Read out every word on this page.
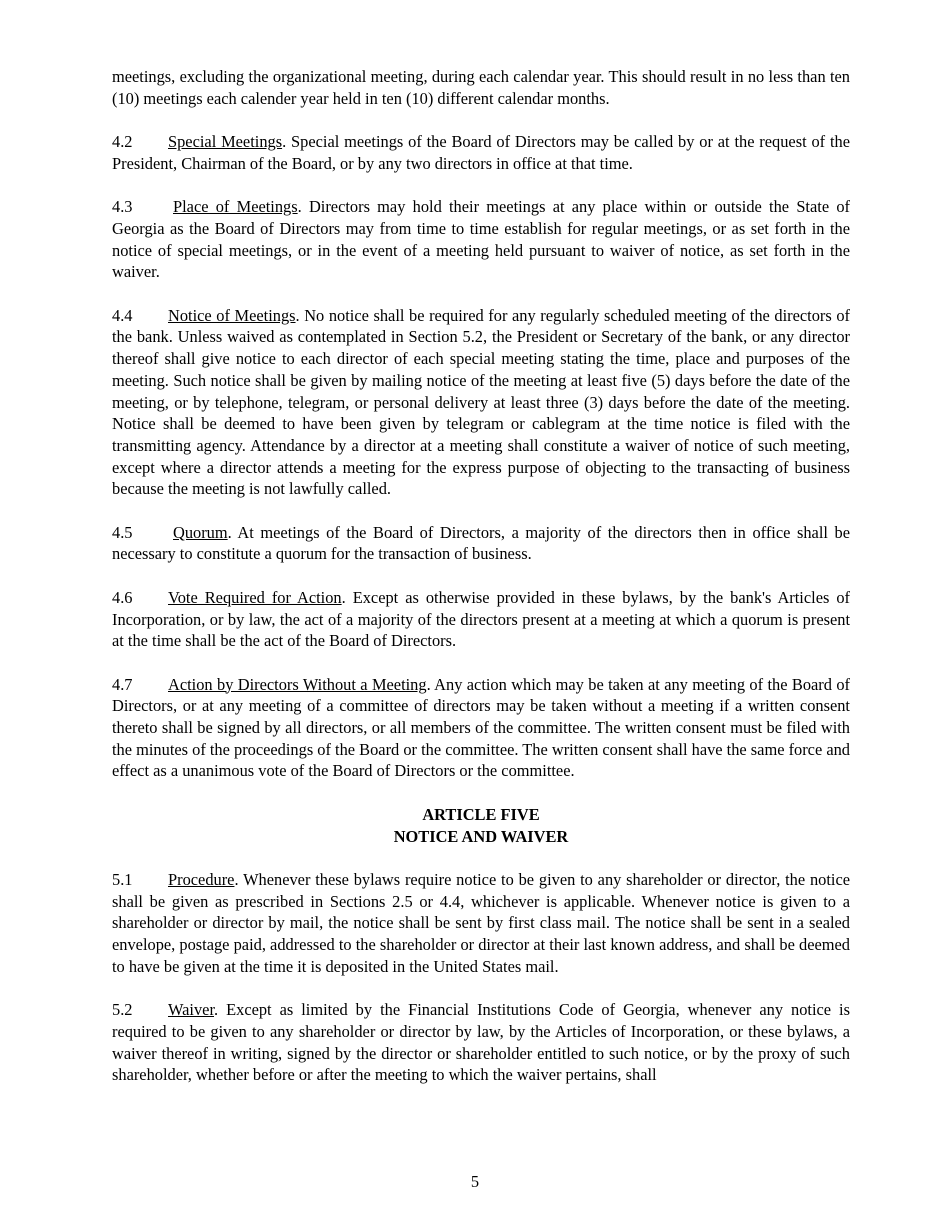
meetings, excluding the organizational meeting, during each calendar year. This should result in no less than ten (10) meetings each calender year held in ten (10) different calendar months.

4.2 Special Meetings. Special meetings of the Board of Directors may be called by or at the request of the President, Chairman of the Board, or by any two directors in office at that time.

4.3 Place of Meetings. Directors may hold their meetings at any place within or outside the State of Georgia as the Board of Directors may from time to time establish for regular meetings, or as set forth in the notice of special meetings, or in the event of a meeting held pursuant to waiver of notice, as set forth in the waiver.

4.4 Notice of Meetings. No notice shall be required for any regularly scheduled meeting of the directors of the bank. Unless waived as contemplated in Section 5.2, the President or Secretary of the bank, or any director thereof shall give notice to each director of each special meeting stating the time, place and purposes of the meeting. Such notice shall be given by mailing notice of the meeting at least five (5) days before the date of the meeting, or by telephone, telegram, or personal delivery at least three (3) days before the date of the meeting. Notice shall be deemed to have been given by telegram or cablegram at the time notice is filed with the transmitting agency. Attendance by a director at a meeting shall constitute a waiver of notice of such meeting, except where a director attends a meeting for the express purpose of objecting to the transacting of business because the meeting is not lawfully called.

4.5 Quorum. At meetings of the Board of Directors, a majority of the directors then in office shall be necessary to constitute a quorum for the transaction of business.

4.6 Vote Required for Action. Except as otherwise provided in these bylaws, by the bank's Articles of Incorporation, or by law, the act of a majority of the directors present at a meeting at which a quorum is present at the time shall be the act of the Board of Directors.

4.7 Action by Directors Without a Meeting. Any action which may be taken at any meeting of the Board of Directors, or at any meeting of a committee of directors may be taken without a meeting if a written consent thereto shall be signed by all directors, or all members of the committee. The written consent must be filed with the minutes of the proceedings of the Board or the committee. The written consent shall have the same force and effect as a unanimous vote of the Board of Directors or the committee.

ARTICLE FIVE
NOTICE AND WAIVER

5.1 Procedure. Whenever these bylaws require notice to be given to any shareholder or director, the notice shall be given as prescribed in Sections 2.5 or 4.4, whichever is applicable. Whenever notice is given to a shareholder or director by mail, the notice shall be sent by first class mail. The notice shall be sent in a sealed envelope, postage paid, addressed to the shareholder or director at their last known address, and shall be deemed to have be given at the time it is deposited in the United States mail.

5.2 Waiver. Except as limited by the Financial Institutions Code of Georgia, whenever any notice is required to be given to any shareholder or director by law, by the Articles of Incorporation, or these bylaws, a waiver thereof in writing, signed by the director or shareholder entitled to such notice, or by the proxy of such shareholder, whether before or after the meeting to which the waiver pertains, shall

5
